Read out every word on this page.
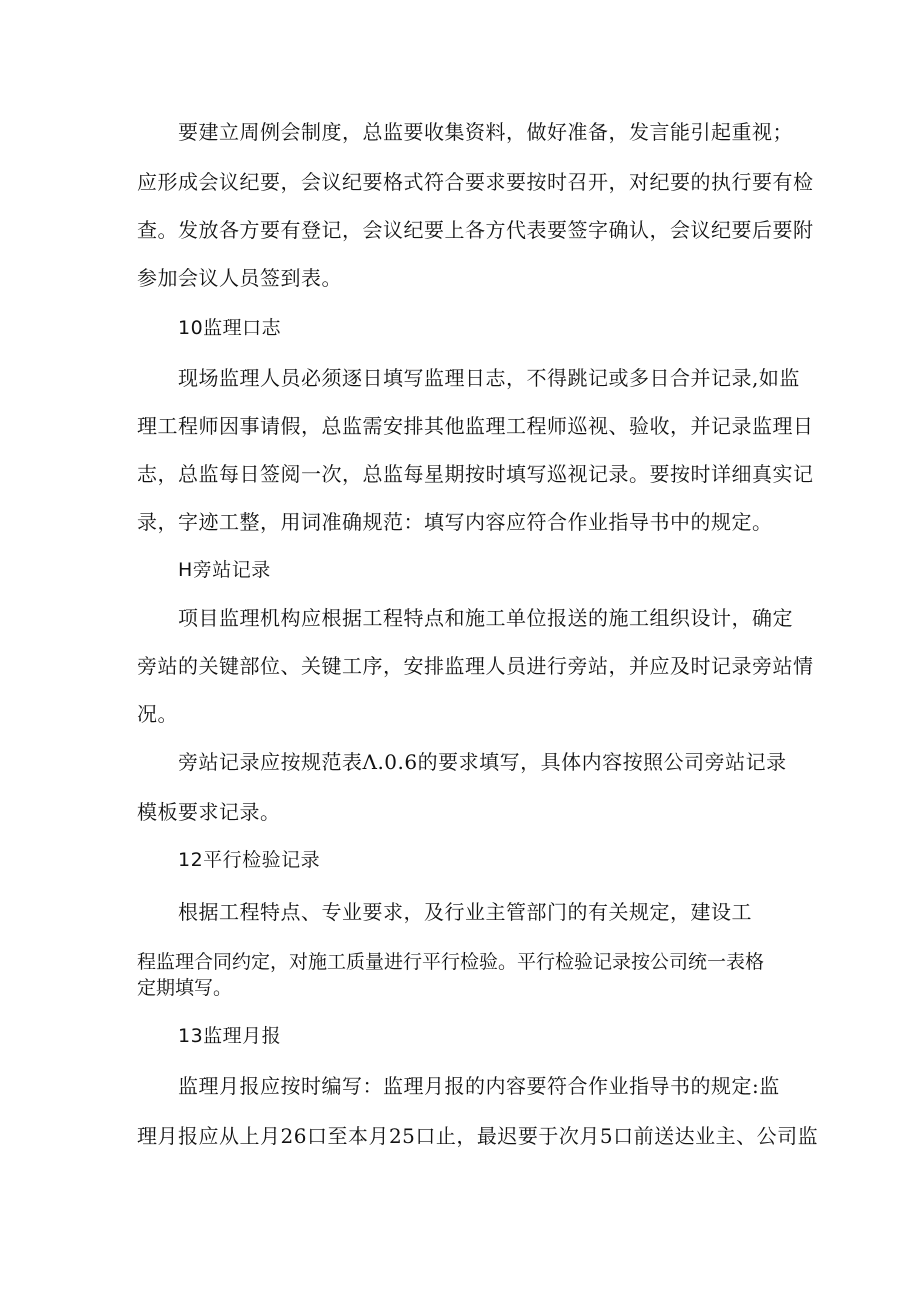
要建立周例会制度，总监要收集资料，做好准备，发言能引起重视；
应形成会议纪要，会议纪要格式符合要求要按时召开，对纪要的执行要有检
查。发放各方要有登记，会议纪要上各方代表要签字确认，会议纪要后要附
参加会议人员签到表。
10监理口志
现场监理人员必须逐日填写监理日志，不得跳记或多日合并记录,如监
理工程师因事请假，总监需安排其他监理工程师巡视、验收，并记录监理日
志，总监每日签阅一次，总监每星期按时填写巡视记录。要按时详细真实记
录，字迹工整，用词准确规范：填写内容应符合作业指导书中的规定。
H旁站记录
项目监理机构应根据工程特点和施工单位报送的施工组织设计，确定
旁站的关键部位、关键工序，安排监理人员进行旁站，并应及时记录旁站情
况。
旁站记录应按规范表Λ.0.6的要求填写，具体内容按照公司旁站记录
模板要求记录。
12平行检验记录
根据工程特点、专业要求，及行业主管部门的有关规定，建设工
程监理合同约定，对施工质量进行平行检验。平行检验记录按公司统一表格
定期填写。
13监理月报
监理月报应按时编写：监理月报的内容要符合作业指导书的规定:监
理月报应从上月26口至本月25口止，最迟要于次月5口前送达业主、公司监
